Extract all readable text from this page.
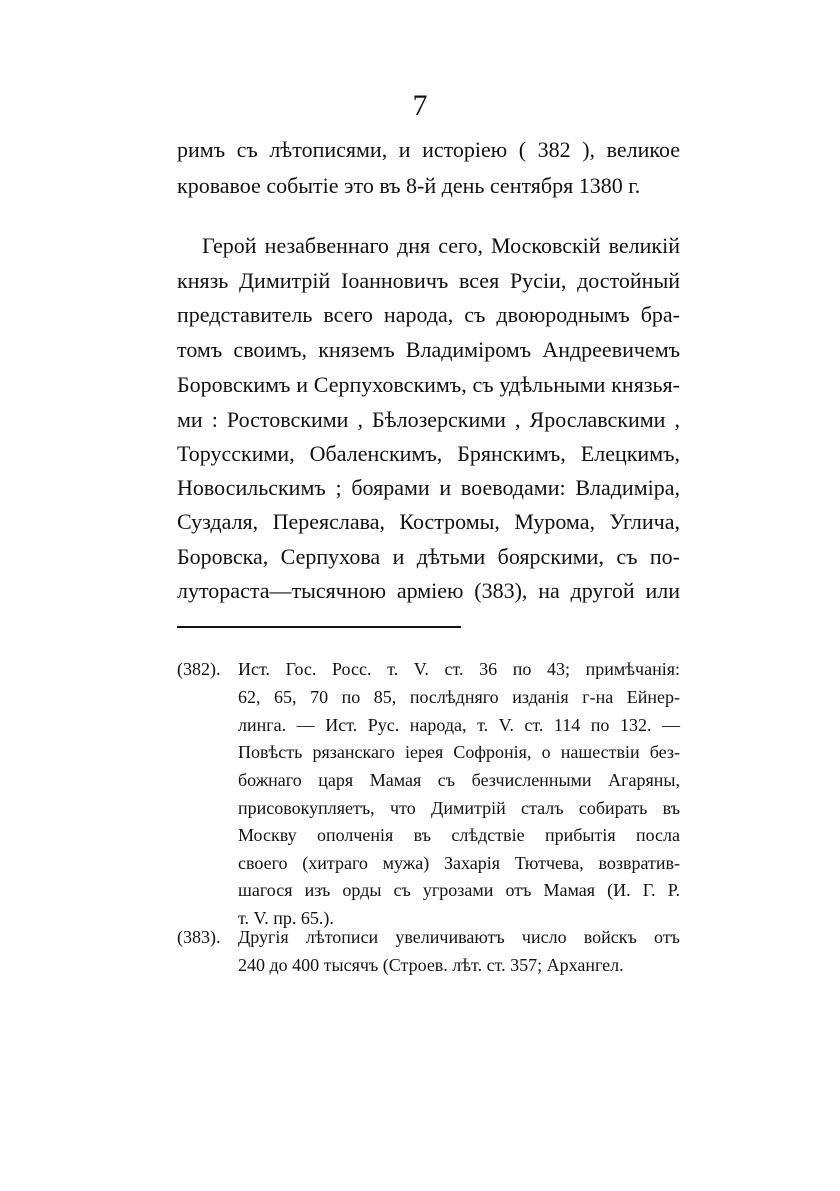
7
римъ съ лѣтописями, и исторіею ( 382 ), великое
кровавое событіе это въ 8-й день сентября 1380 г.
Герой незабвеннаго дня сего, Московскій великій
князь Димитрій Іоанновичъ всея Русіи, достойный
представитель всего народа, съ двоюроднымъ бра-
томъ своимъ, княземъ Владиміромъ Андреевичемъ
Боровскимъ и Серпуховскимъ, съ удѣльными князья-
ми : Ростовскими , Бѣлозерскими , Ярославскими ,
Торусскими, Обаленскимъ, Брянскимъ, Елецкимъ,
Новосильскимъ ; боярами и воеводами: Владиміра,
Суздаля, Переяслава, Костромы, Мурома, Углича,
Боровска, Серпухова и дѣтьми боярскими, съ по-
лутораста—тысячною арміею (383), на другой или
(382). Ист. Гос. Росс. т. V. ст. 36 по 43; примѣчанія:
62, 65, 70 по 85, послѣдняго изданія г-на Ейнер-
линга. — Ист. Рус. народа, т. V. ст. 114 по 132. —
Повѣсть рязанскаго іерея Софронія, о нашествіи без-
божнаго царя Мамая съ безчисленными Агаряны,
присовокупляетъ, что Димитрій сталъ собирать въ
Москву ополченія въ слѣдствіе прибытія посла
своего (хитраго мужа) Захарія Тютчева, возвратив-
шагося изъ орды съ угрозами отъ Мамая (И. Г. Р.
т. V. пр. 65.).
(383). Другія лѣтописи увеличиваютъ число войскъ отъ
240 до 400 тысячъ (Строев. лѣт. ст. 357; Архангел.
